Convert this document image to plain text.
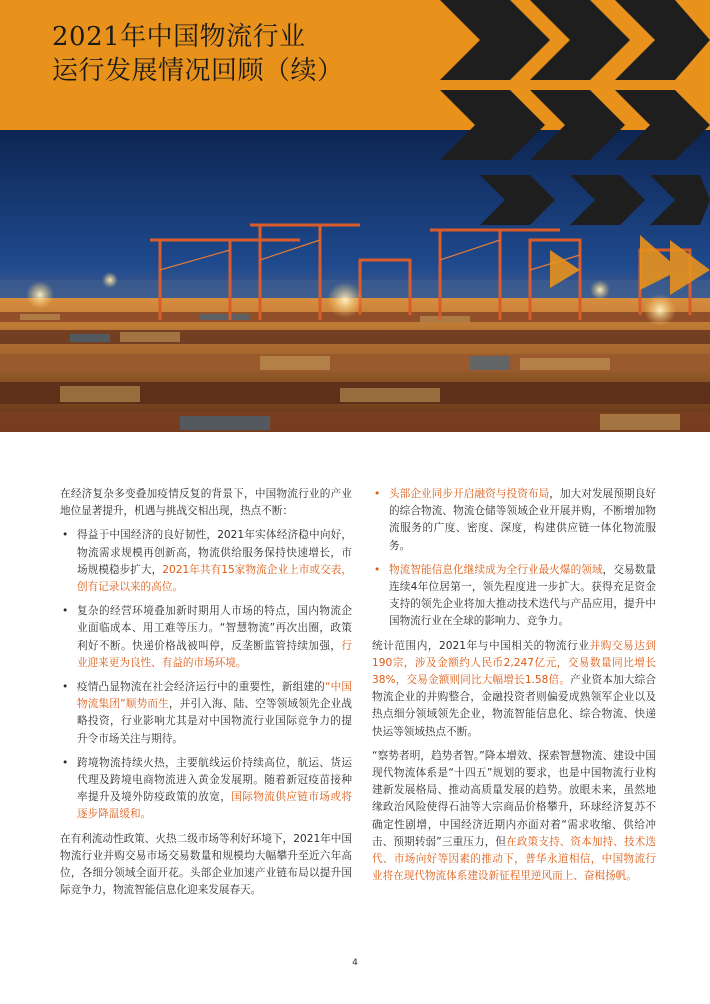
2021年中国物流行业
运行发展情况回顾（续）

在经济复杂多变叠加疫情反复的背景下，中国物流行业的产业地位显著提升，机遇与挑战交相出现，热点不断：

• 得益于中国经济的良好韧性，2021年实体经济稳中向好，物流需求规模再创新高，物流供给服务保持快速增长，市场规模稳步扩大，2021年共有15家物流企业上市或交表，创有记录以来的高位。
• 复杂的经营环境叠加新时期用人市场的特点，国内物流企业面临成本、用工难等压力。“智慧物流”再次出圈，政策利好不断。快递价格战被叫停，反垄断监管持续加强，行业迎来更为良性、有益的市场环境。
• 疫情凸显物流在社会经济运行中的重要性，新组建的“中国物流集团”顺势而生，并引入海、陆、空等领域领先企业战略投资，行业影响尤其是对中国物流行业国际竞争力的提升令市场关注与期待。
• 跨境物流持续火热，主要航线运价持续高位，航运、货运代理及跨境电商物流进入黄金发展期。随着新冠疫苗接种率提升及境外防疫政策的放宽，国际物流供应链市场或将逐步降温缓和。

在有利流动性政策、火热二级市场等利好环境下，2021年中国物流行业并购交易市场交易数量和规模均大幅攀升至近六年高位，各细分领域全面开花。头部企业加速产业链布局以提升国际竞争力，物流智能信息化迎来发展春天。

• 头部企业同步开启融资与投资布局，加大对发展预期良好的综合物流、物流仓储等领域企业开展并购，不断增加物流服务的广度、密度、深度，构建供应链一体化物流服务。
• 物流智能信息化继续成为全行业最火爆的领域，交易数量连续4年位居第一，领先程度进一步扩大。获得充足资金支持的领先企业将加大推动技术迭代与产品应用，提升中国物流行业在全球的影响力、竞争力。

统计范围内，2021年与中国相关的物流行业并购交易达到190宗，涉及金额约人民币2,247亿元，交易数量同比增长38%，交易金额则同比大幅增长1.58倍。产业资本加大综合物流企业的并购整合，金融投资者则偏爱成熟领军企业以及热点细分领域领先企业，物流智能信息化、综合物流、快递快运等领域热点不断。

“察势者明，趋势者智。”降本增效、探索智慧物流、建设中国现代物流体系是“十四五”规划的要求，也是中国物流行业构建新发展格局、推动高质量发展的趋势。放眼未来，虽然地缘政治风险使得石油等大宗商品价格攀升，环球经济复苏不确定性剧增，中国经济近期内亦面对着“需求收缩、供给冲击、预期转弱”三重压力，但在政策支持、资本加持、技术迭代、市场向好等因素的推动下，普华永道相信，中国物流行业将在现代物流体系建设新征程里逆风而上、奋楫扬帆。

4
